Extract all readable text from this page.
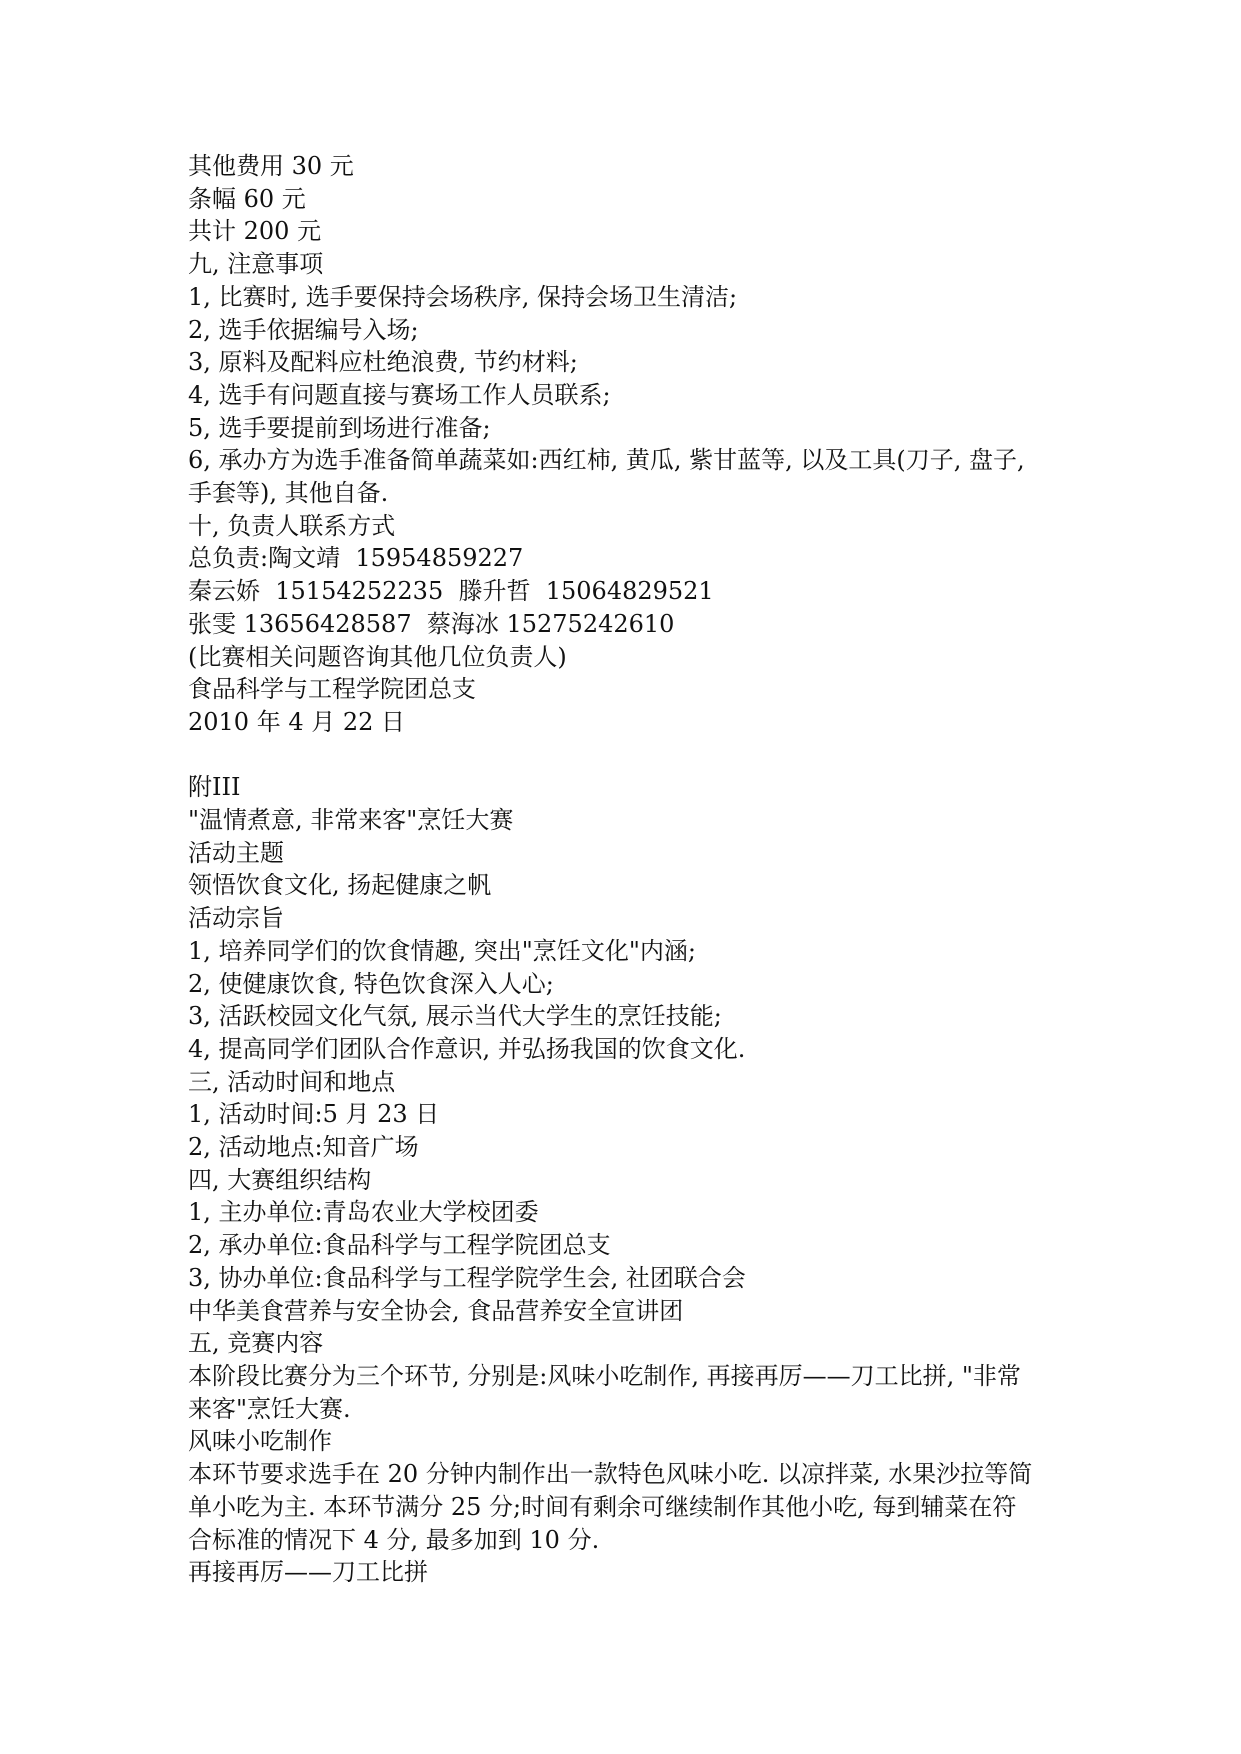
其他费用 30 元
条幅 60 元
共计 200 元
九, 注意事项
1, 比赛时, 选手要保持会场秩序, 保持会场卫生清洁;
2, 选手依据编号入场;
3, 原料及配料应杜绝浪费, 节约材料;
4, 选手有问题直接与赛场工作人员联系;
5, 选手要提前到场进行准备;
6, 承办方为选手准备简单蔬菜如:西红柿, 黄瓜, 紫甘蓝等, 以及工具(刀子, 盘子,
手套等), 其他自备.
十, 负责人联系方式
总负责:陶文靖  15954859227
秦云娇  15154252235  滕升哲  15064829521
张雯 13656428587  蔡海冰 15275242610
(比赛相关问题咨询其他几位负责人)
食品科学与工程学院团总支
2010 年 4 月 22 日
附III
"温情煮意, 非常来客"烹饪大赛
活动主题
领悟饮食文化, 扬起健康之帆
活动宗旨
1, 培养同学们的饮食情趣, 突出"烹饪文化"内涵;
2, 使健康饮食, 特色饮食深入人心;
3, 活跃校园文化气氛, 展示当代大学生的烹饪技能;
4, 提高同学们团队合作意识, 并弘扬我国的饮食文化.
三, 活动时间和地点
1, 活动时间:5 月 23 日
2, 活动地点:知音广场
四, 大赛组织结构
1, 主办单位:青岛农业大学校团委
2, 承办单位:食品科学与工程学院团总支
3, 协办单位:食品科学与工程学院学生会, 社团联合会
中华美食营养与安全协会, 食品营养安全宣讲团
五, 竞赛内容
本阶段比赛分为三个环节, 分别是:风味小吃制作, 再接再厉——刀工比拼, "非常
来客"烹饪大赛.
风味小吃制作
本环节要求选手在 20 分钟内制作出一款特色风味小吃. 以凉拌菜, 水果沙拉等简
单小吃为主. 本环节满分 25 分;时间有剩余可继续制作其他小吃, 每到辅菜在符
合标准的情况下 4 分, 最多加到 10 分.
再接再厉——刀工比拼
